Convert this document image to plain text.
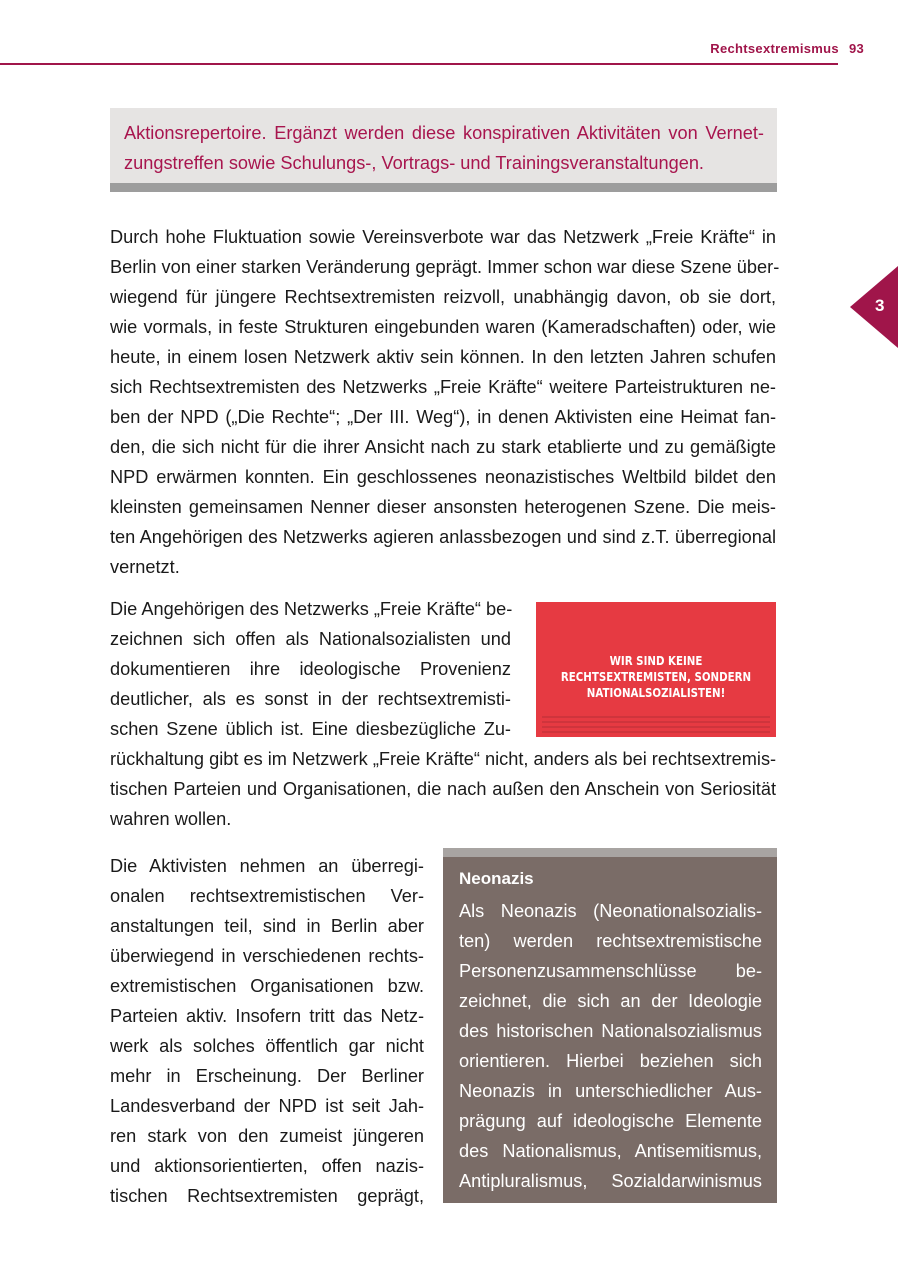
Rechtsextremismus 93
Aktionsrepertoire. Ergänzt werden diese konspirativen Aktivitäten von Vernet-
zungstreffen sowie Schulungs-, Vortrags- und Trainingsveranstaltungen.
3
Durch hohe Fluktuation sowie Vereinsverbote war das Netzwerk „Freie Kräfte“ in
Berlin von einer starken Veränderung geprägt. Immer schon war diese Szene über-
wiegend für jüngere Rechtsextremisten reizvoll, unabhängig davon, ob sie dort,
wie vormals, in feste Strukturen eingebunden waren (Kameradschaften) oder, wie
heute, in einem losen Netzwerk aktiv sein können. In den letzten Jahren schufen
sich Rechtsextremisten des Netzwerks „Freie Kräfte“ weitere Parteistrukturen ne-
ben der NPD („Die Rechte“; „Der III. Weg“), in denen Aktivisten eine Heimat fan-
den, die sich nicht für die ihrer Ansicht nach zu stark etablierte und zu gemäßigte
NPD erwärmen konnten. Ein geschlossenes neonazistisches Weltbild bildet den
kleinsten gemeinsamen Nenner dieser ansonsten heterogenen Szene. Die meis-
ten Angehörigen des Netzwerks agieren anlassbezogen und sind z.T. überregional
vernetzt.
Die Angehörigen des Netzwerks „Freie Kräfte“ be-
zeichnen sich offen als Nationalsozialisten und
dokumentieren ihre ideologische Provenienz
deutlicher, als es sonst in der rechtsextremisti-
schen Szene üblich ist. Eine diesbezügliche Zu-
rückhaltung gibt es im Netzwerk „Freie Kräfte“ nicht, anders als bei rechtsextremis-
tischen Parteien und Organisationen, die nach außen den Anschein von Seriosität
wahren wollen.
WIR SIND KEINE RECHTSEXTREMISTEN, SONDERN NATIONALSOZIALISTEN!
Die Aktivisten nehmen an überregi-
onalen rechtsextremistischen Ver-
anstaltungen teil, sind in Berlin aber
überwiegend in verschiedenen rechts-
extremistischen Organisationen bzw.
Parteien aktiv. Insofern tritt das Netz-
werk als solches öffentlich gar nicht
mehr in Erscheinung. Der Berliner
Landesverband der NPD ist seit Jah-
ren stark von den zumeist jüngeren
und aktionsorientierten, offen nazis-
tischen Rechtsextremisten geprägt,
Neonazis
Als Neonazis (Neonationalsozialis-
ten) werden rechtsextremistische
Personenzusammenschlüsse be-
zeichnet, die sich an der Ideologie
des historischen Nationalsozialismus
orientieren. Hierbei beziehen sich
Neonazis in unterschiedlicher Aus-
prägung auf ideologische Elemente
des Nationalismus, Antisemitismus,
Antipluralismus, Sozialdarwinismus
